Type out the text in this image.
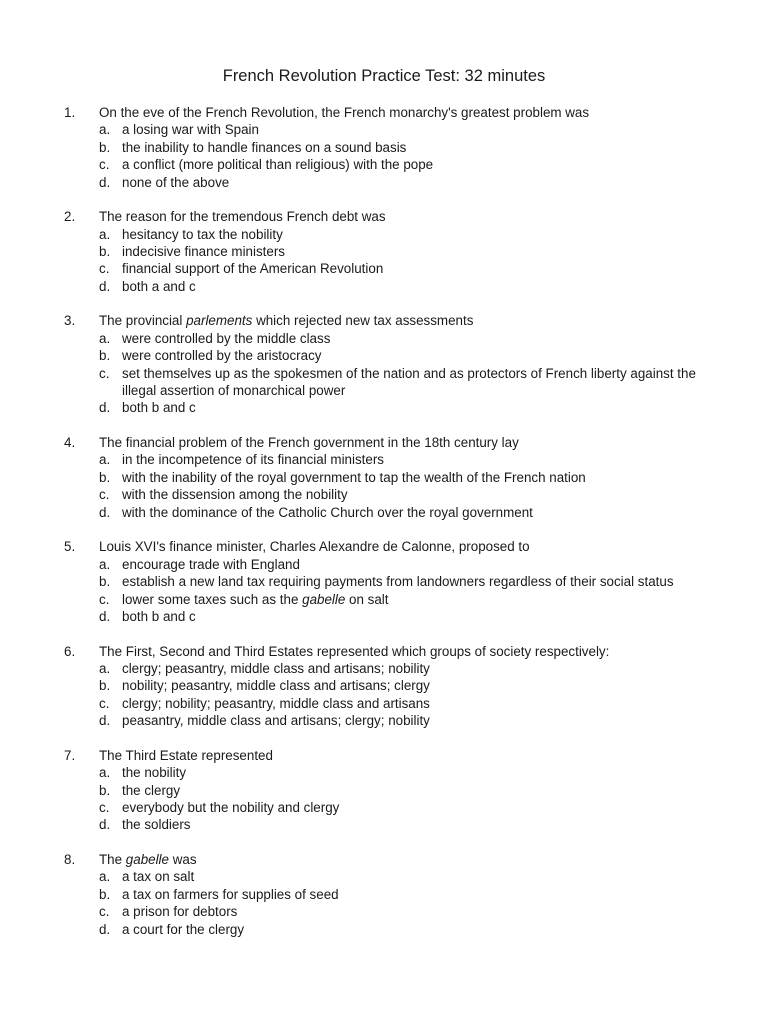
French Revolution Practice Test: 32 minutes
1. On the eve of the French Revolution, the French monarchy's greatest problem was
a. a losing war with Spain
b. the inability to handle finances on a sound basis
c. a conflict (more political than religious) with the pope
d. none of the above
2. The reason for the tremendous French debt was
a. hesitancy to tax the nobility
b. indecisive finance ministers
c. financial support of the American Revolution
d. both a and c
3. The provincial parlements which rejected new tax assessments
a. were controlled by the middle class
b. were controlled by the aristocracy
c. set themselves up as the spokesmen of the nation and as protectors of French liberty against the illegal assertion of monarchical power
d. both b and c
4. The financial problem of the French government in the 18th century lay
a. in the incompetence of its financial ministers
b. with the inability of the royal government to tap the wealth of the French nation
c. with the dissension among the nobility
d. with the dominance of the Catholic Church over the royal government
5. Louis XVI's finance minister, Charles Alexandre de Calonne, proposed to
a. encourage trade with England
b. establish a new land tax requiring payments from landowners regardless of their social status
c. lower some taxes such as the gabelle on salt
d. both b and c
6. The First, Second and Third Estates represented which groups of society respectively:
a. clergy; peasantry, middle class and artisans; nobility
b. nobility; peasantry, middle class and artisans; clergy
c. clergy; nobility; peasantry, middle class and artisans
d. peasantry, middle class and artisans; clergy; nobility
7. The Third Estate represented
a. the nobility
b. the clergy
c. everybody but the nobility and clergy
d. the soldiers
8. The gabelle was
a. a tax on salt
b. a tax on farmers for supplies of seed
c. a prison for debtors
d. a court for the clergy
